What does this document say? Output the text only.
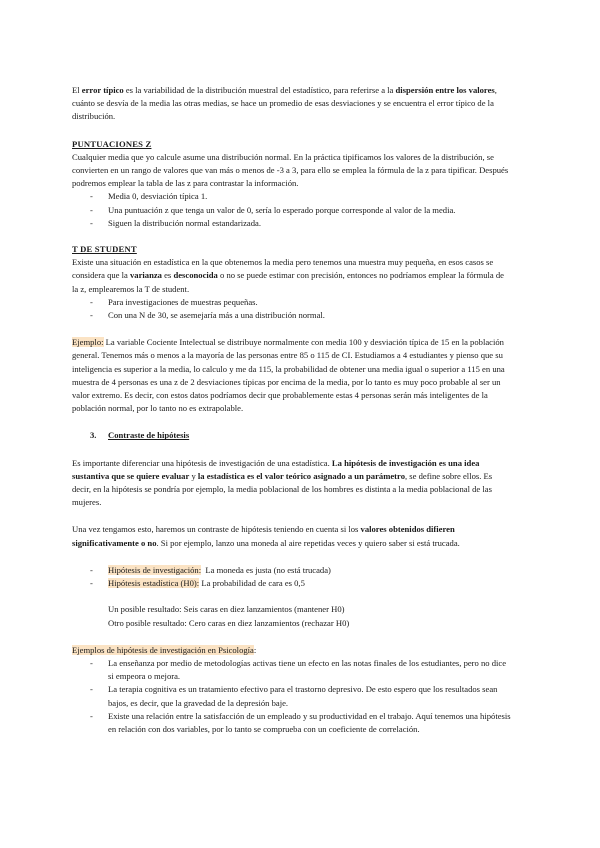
El error típico es la variabilidad de la distribución muestral del estadístico, para referirse a la dispersión entre los valores, cuánto se desvía de la media las otras medias, se hace un promedio de esas desviaciones y se encuentra el error típico de la distribución.

PUNTUACIONES Z

Cualquier media que yo calcule asume una distribución normal. En la práctica tipificamos los valores de la distribución, se convierten en un rango de valores que van más o menos de -3 a 3, para ello se emplea la fórmula de la z para tipificar. Después podremos emplear la tabla de las z para contrastar la información.

- Media 0, desviación típica 1.
- Una puntuación z que tenga un valor de 0, sería lo esperado porque corresponde al valor de la media.
- Siguen la distribución normal estandarizada.

T DE STUDENT

Existe una situación en estadística en la que obtenemos la media pero tenemos una muestra muy pequeña, en esos casos se considera que la varianza es desconocida o no se puede estimar con precisión, entonces no podríamos emplear la fórmula de la z, emplearemos la T de student.

- Para investigaciones de muestras pequeñas.
- Con una N de 30, se asemejaría más a una distribución normal.

Ejemplo: La variable Cociente Intelectual se distribuye normalmente con media 100 y desviación típica de 15 en la población general. Tenemos más o menos a la mayoría de las personas entre 85 o 115 de CI. Estudiamos a 4 estudiantes y pienso que su inteligencia es superior a la media, lo calculo y me da 115, la probabilidad de obtener una media igual o superior a 115 en una muestra de 4 personas es una z de 2 desviaciones típicas por encima de la media, por lo tanto es muy poco probable al ser un valor extremo. Es decir, con estos datos podríamos decir que probablemente estas 4 personas serán más inteligentes de la población normal, por lo tanto no es extrapolable.

3. Contraste de hipótesis

Es importante diferenciar una hipótesis de investigación de una estadística. La hipótesis de investigación es una idea sustantiva que se quiere evaluar y la estadística es el valor teórico asignado a un parámetro, se define sobre ellos. Es decir, en la hipótesis se pondría por ejemplo, la media poblacional de los hombres es distinta a la media poblacional de las mujeres.

Una vez tengamos esto, haremos un contraste de hipótesis teniendo en cuenta si los valores obtenidos difieren significativamente o no. Si por ejemplo, lanzo una moneda al aire repetidas veces y quiero saber si está trucada.

- Hipótesis de investigación:  La moneda es justa (no está trucada)
- Hipótesis estadística (H0): La probabilidad de cara es 0,5

Un posible resultado: Seis caras en diez lanzamientos (mantener H0)

Otro posible resultado: Cero caras en diez lanzamientos (rechazar H0)

Ejemplos de hipótesis de investigación en Psicología:

- La enseñanza por medio de metodologías activas tiene un efecto en las notas finales de los estudiantes, pero no dice si empeora o mejora.
- La terapia cognitiva es un tratamiento efectivo para el trastorno depresivo. De esto espero que los resultados sean bajos, es decir, que la gravedad de la depresión baje.
- Existe una relación entre la satisfacción de un empleado y su productividad en el trabajo. Aquí tenemos una hipótesis en relación con dos variables, por lo tanto se comprueba con un coeficiente de correlación.
